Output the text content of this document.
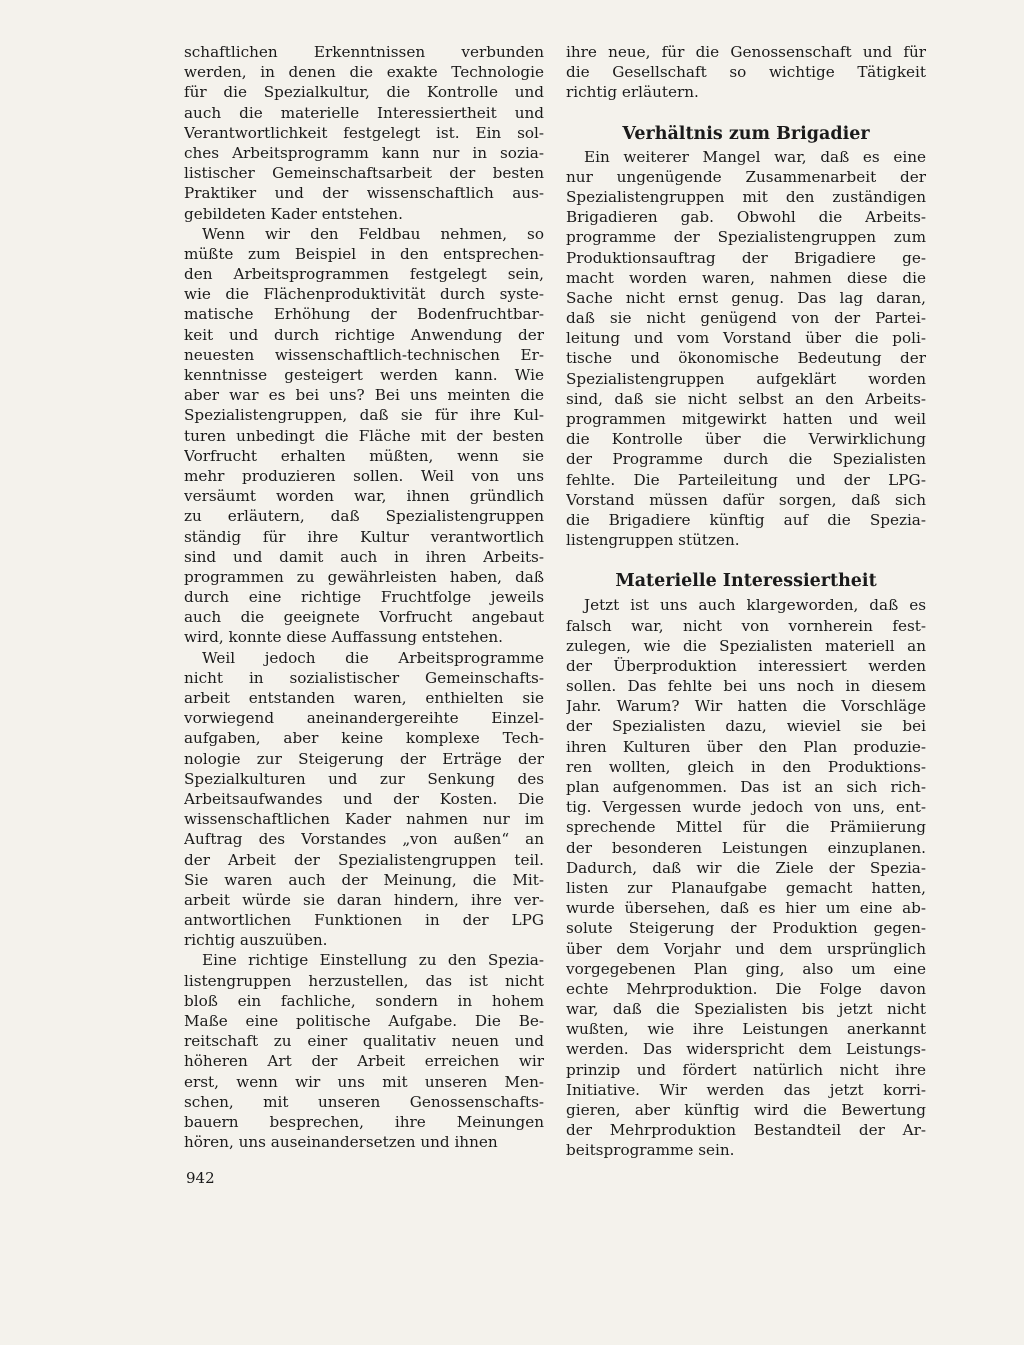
schaftlichen Erkenntnissen verbunden
werden, in denen die exakte Technologie
für die Spezialkultur, die Kontrolle und
auch die materielle Interessiertheit und
Verantwortlichkeit festgelegt ist. Ein sol-
ches Arbeitsprogramm kann nur in sozia-
listischer Gemeinschaftsarbeit der besten
Praktiker und der wissenschaftlich aus-
gebildeten Kader entstehen.
Wenn wir den Feldbau nehmen, so
müßte zum Beispiel in den entsprechen-
den Arbeitsprogrammen festgelegt sein,
wie die Flächenproduktivität durch syste-
matische Erhöhung der Bodenfruchtbar-
keit und durch richtige Anwendung der
neuesten wissenschaftlich-technischen Er-
kenntnisse gesteigert werden kann. Wie
aber war es bei uns? Bei uns meinten die
Spezialistengruppen, daß sie für ihre Kul-
turen unbedingt die Fläche mit der besten
Vorfrucht erhalten müßten, wenn sie
mehr produzieren sollen. Weil von uns
versäumt worden war, ihnen gründlich
zu erläutern, daß Spezialistengruppen
ständig für ihre Kultur verantwortlich
sind und damit auch in ihren Arbeits-
programmen zu gewährleisten haben, daß
durch eine richtige Fruchtfolge jeweils
auch die geeignete Vorfrucht angebaut
wird, konnte diese Auffassung entstehen.
Weil jedoch die Arbeitsprogramme
nicht in sozialistischer Gemeinschafts-
arbeit entstanden waren, enthielten sie
vorwiegend aneinandergereihte Einzel-
aufgaben, aber keine komplexe Tech-
nologie zur Steigerung der Erträge der
Spezialkulturen und zur Senkung des
Arbeitsaufwandes und der Kosten. Die
wissenschaftlichen Kader nahmen nur im
Auftrag des Vorstandes „von außen“ an
der Arbeit der Spezialistengruppen teil.
Sie waren auch der Meinung, die Mit-
arbeit würde sie daran hindern, ihre ver-
antwortlichen Funktionen in der LPG
richtig auszuüben.
Eine richtige Einstellung zu den Spezia-
listengruppen herzustellen, das ist nicht
bloß ein fachliche, sondern in hohem
Maße eine politische Aufgabe. Die Be-
reitschaft zu einer qualitativ neuen und
höheren Art der Arbeit erreichen wir
erst, wenn wir uns mit unseren Men-
schen, mit unseren Genossenschafts-
bauern besprechen, ihre Meinungen
hören, uns auseinandersetzen und ihnen
ihre neue, für die Genossenschaft und für
die Gesellschaft so wichtige Tätigkeit
richtig erläutern.
Verhältnis zum Brigadier
Ein weiterer Mangel war, daß es eine
nur ungenügende Zusammenarbeit der
Spezialistengruppen mit den zuständigen
Brigadieren gab. Obwohl die Arbeits-
programme der Spezialistengruppen zum
Produktionsauftrag der Brigadiere ge-
macht worden waren, nahmen diese die
Sache nicht ernst genug. Das lag daran,
daß sie nicht genügend von der Partei-
leitung und vom Vorstand über die poli-
tische und ökonomische Bedeutung der
Spezialistengruppen aufgeklärt worden
sind, daß sie nicht selbst an den Arbeits-
programmen mitgewirkt hatten und weil
die Kontrolle über die Verwirklichung
der Programme durch die Spezialisten
fehlte. Die Parteileitung und der LPG-
Vorstand müssen dafür sorgen, daß sich
die Brigadiere künftig auf die Spezia-
listengruppen stützen.
Materielle Interessiertheit
Jetzt ist uns auch klargeworden, daß es
falsch war, nicht von vornherein fest-
zulegen, wie die Spezialisten materiell an
der Überproduktion interessiert werden
sollen. Das fehlte bei uns noch in diesem
Jahr. Warum? Wir hatten die Vorschläge
der Spezialisten dazu, wieviel sie bei
ihren Kulturen über den Plan produzie-
ren wollten, gleich in den Produktions-
plan aufgenommen. Das ist an sich rich-
tig. Vergessen wurde jedoch von uns, ent-
sprechende Mittel für die Prämiierung
der besonderen Leistungen einzuplanen.
Dadurch, daß wir die Ziele der Spezia-
listen zur Planaufgabe gemacht hatten,
wurde übersehen, daß es hier um eine ab-
solute Steigerung der Produktion gegen-
über dem Vorjahr und dem ursprünglich
vorgegebenen Plan ging, also um eine
echte Mehrproduktion. Die Folge davon
war, daß die Spezialisten bis jetzt nicht
wußten, wie ihre Leistungen anerkannt
werden. Das widerspricht dem Leistungs-
prinzip und fördert natürlich nicht ihre
Initiative. Wir werden das jetzt korri-
gieren, aber künftig wird die Bewertung
der Mehrproduktion Bestandteil der Ar-
beitsprogramme sein.
942
